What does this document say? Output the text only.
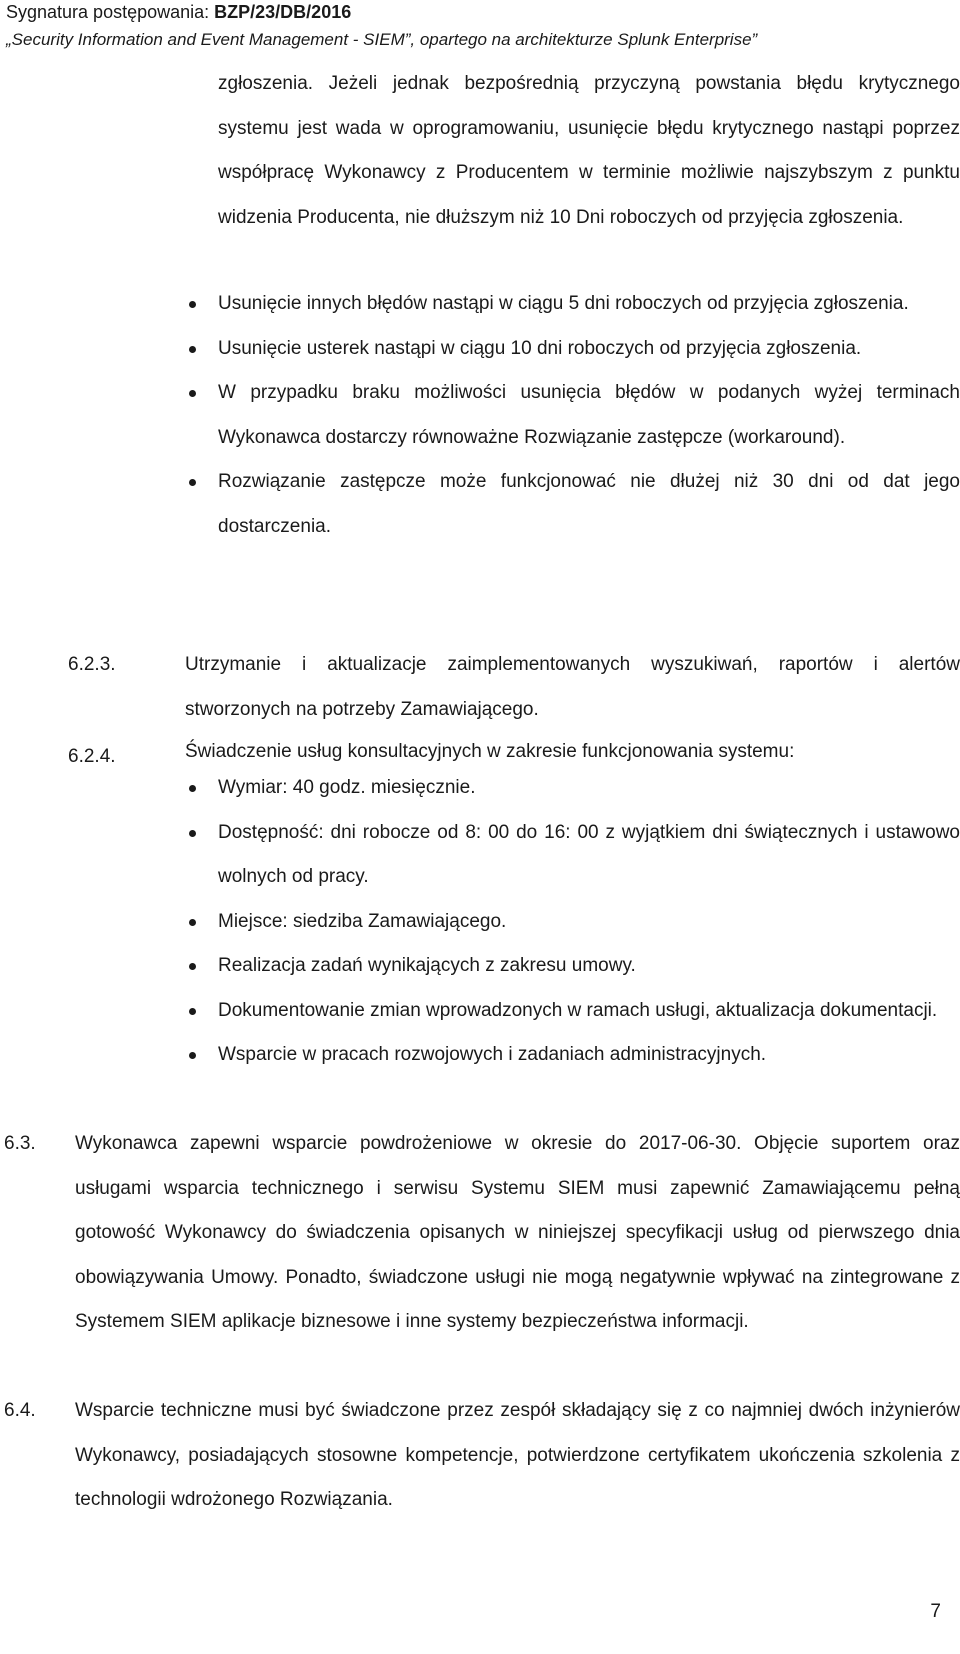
Sygnatura postępowania: BZP/23/DB/2016
„Security Information and Event Management - SIEM”, opartego na architekturze Splunk Enterprise”
zgłoszenia. Jeżeli jednak bezpośrednią przyczyną powstania błędu krytycznego systemu jest wada w oprogramowaniu, usunięcie błędu krytycznego nastąpi poprzez współpracę Wykonawcy z Producentem w terminie możliwie najszybszym z punktu widzenia Producenta, nie dłuższym niż 10 Dni roboczych od przyjęcia zgłoszenia.
Usunięcie innych błędów nastąpi w ciągu 5 dni roboczych od przyjęcia zgłoszenia.
Usunięcie usterek nastąpi w ciągu 10 dni roboczych od przyjęcia zgłoszenia.
W przypadku braku możliwości usunięcia błędów w podanych wyżej terminach Wykonawca dostarczy równoważne Rozwiązanie zastępcze (workaround).
Rozwiązanie zastępcze może funkcjonować nie dłużej niż 30 dni od dat jego dostarczenia.
6.2.3.	Utrzymanie i aktualizacje zaimplementowanych wyszukiwań, raportów i alertów stworzonych na potrzeby Zamawiającego.
6.2.4.	Świadczenie usług konsultacyjnych w zakresie funkcjonowania systemu:
Wymiar: 40 godz. miesięcznie.
Dostępność: dni robocze od 8: 00 do 16: 00 z wyjątkiem dni świątecznych i ustawowo wolnych od pracy.
Miejsce: siedziba Zamawiającego.
Realizacja zadań wynikających z zakresu umowy.
Dokumentowanie zmian wprowadzonych w ramach usługi, aktualizacja dokumentacji.
Wsparcie w pracach rozwojowych i zadaniach administracyjnych.
6.3. Wykonawca zapewni wsparcie powdrożeniowe w okresie do 2017-06-30. Objęcie suportem oraz usługami wsparcia technicznego i serwisu Systemu SIEM musi zapewnić Zamawiającemu pełną gotowość Wykonawcy do świadczenia opisanych w niniejszej specyfikacji usług od pierwszego dnia obowiązywania Umowy. Ponadto, świadczone usługi nie mogą negatywnie wpływać na zintegrowane z Systemem SIEM aplikacje biznesowe i inne systemy bezpieczeństwa informacji.
6.4. Wsparcie techniczne musi być świadczone przez zespół składający się z co najmniej dwóch inżynierów Wykonawcy, posiadających stosowne kompetencje, potwierdzone certyfikatem ukończenia szkolenia z technologii wdrożonego Rozwiązania.
7
